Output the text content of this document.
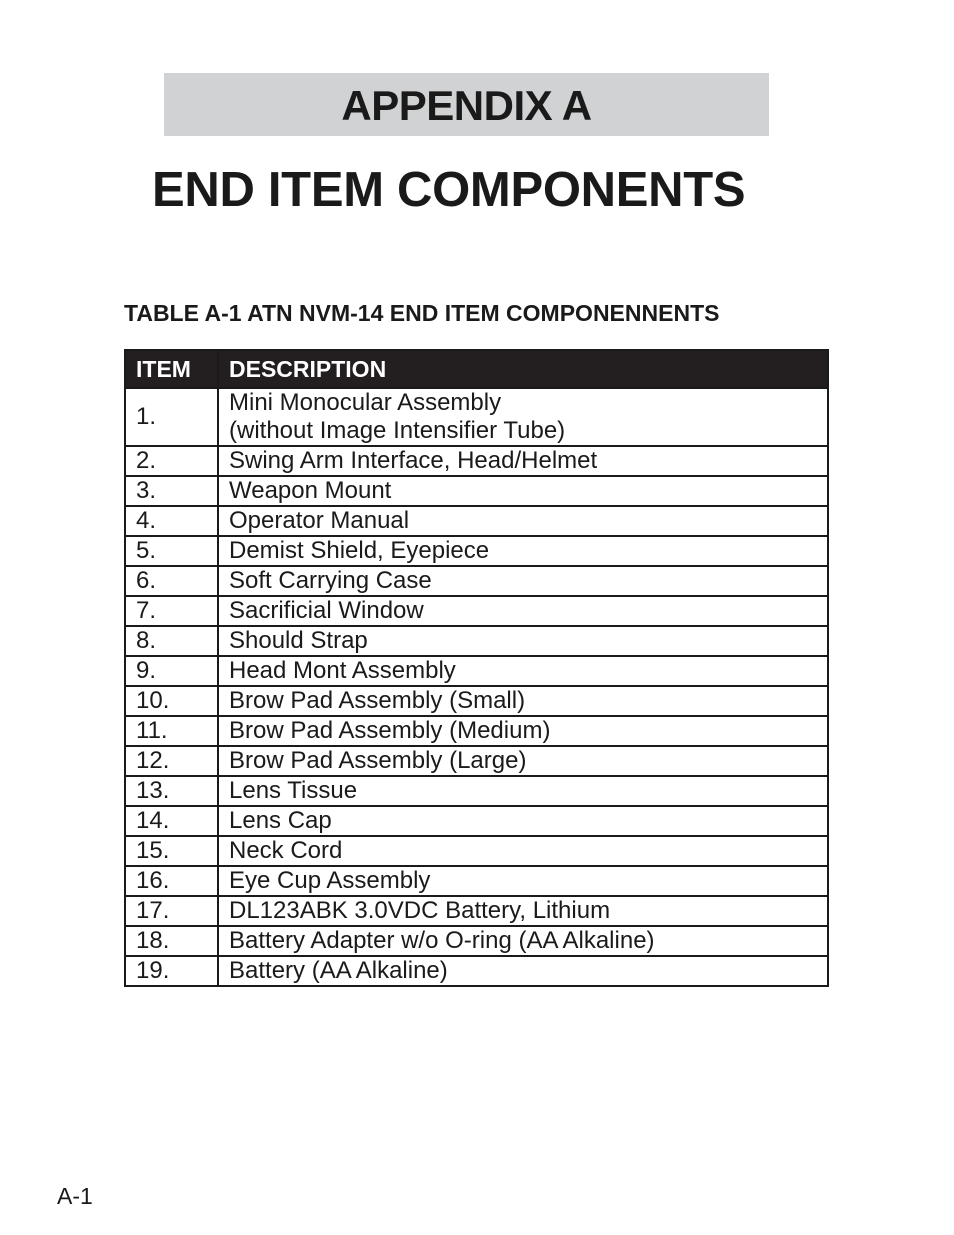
APPENDIX A
END ITEM COMPONENTS
TABLE A-1 ATN NVM-14 END ITEM COMPONENNENTS
ITEM	DESCRIPTION
1.	Mini Monocular Assembly
(without Image Intensifier Tube)

2.	Swing Arm Interface, Head/Helmet

3.	Weapon Mount

4.	Operator Manual

5.	Demist Shield, Eyepiece

6.	Soft Carrying Case

7.	Sacrificial Window

8.	Should Strap

9.	Head Mont Assembly

10.	Brow Pad Assembly (Small)

11.	Brow Pad Assembly (Medium)

12.	Brow Pad Assembly (Large)

13.	Lens Tissue

14.	Lens Cap

15.	Neck Cord

16.	Eye Cup Assembly

17.	DL123ABK 3.0VDC Battery, Lithium

18.	Battery Adapter w/o O-ring (AA Alkaline)

19.	Battery (AA Alkaline)
A-1
